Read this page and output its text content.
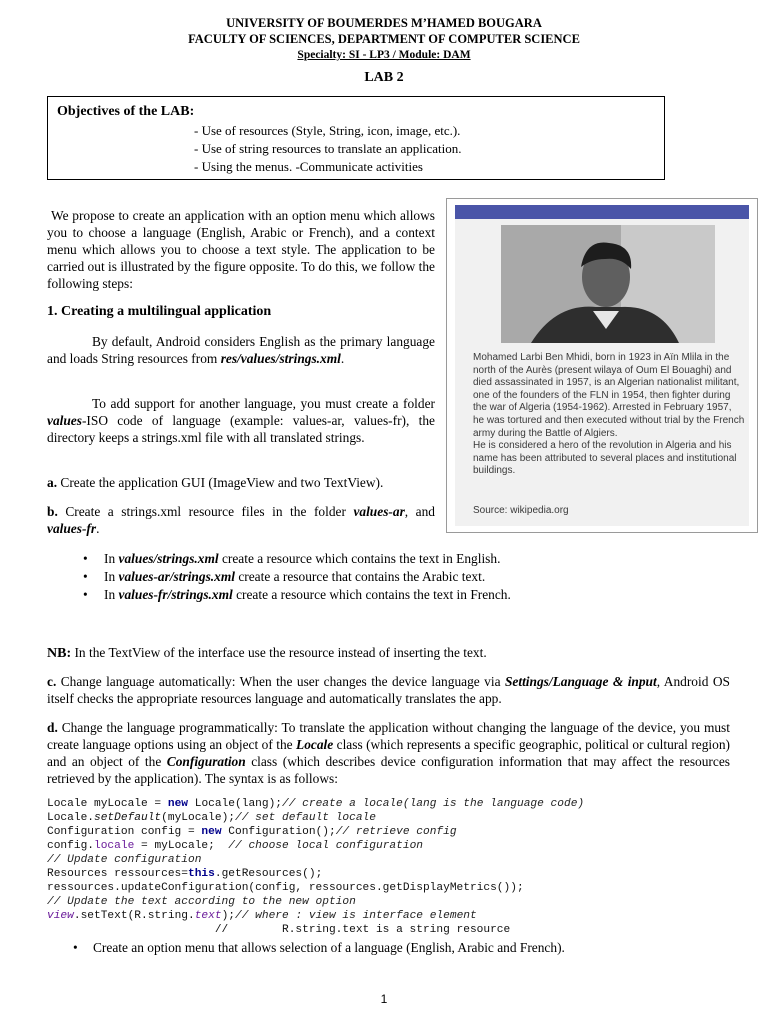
UNIVERSITY OF BOUMERDES M’HAMED BOUGARA
FACULTY OF SCIENCES, DEPARTMENT OF COMPUTER SCIENCE
Specialty: SI - LP3 / Module: DAM
LAB 2
Objectives of the LAB:
- Use of resources (Style, String, icon, image, etc.).
- Use of string resources to translate an application.
- Using the menus. -Communicate activities
We propose to create an application with an option menu which allows you to choose a language (English, Arabic or French), and a context menu which allows you to choose a text style. The application to be carried out is illustrated by the figure opposite. To do this, we follow the following steps:
1. Creating a multilingual application
By default, Android considers English as the primary language and loads String resources from res/values/strings.xml.
To add support for another language, you must create a folder values-ISO code of language (example: values-ar, values-fr), the directory keeps a strings.xml file with all translated strings.
a. Create the application GUI (ImageView and two TextView).
b. Create a strings.xml resource files in the folder values-ar, and values-fr.
Mohamed Larbi Ben Mhidi, born in 1923 in Aïn Mlila in the north of the Aurès (present wilaya of Oum El Bouaghi) and died assassinated in 1957, is an Algerian nationalist militant, one of the founders of the FLN in 1954, then fighter during the war of Algeria (1954-1962). Arrested in February 1957, he was tortured and then executed without trial by the French army during the Battle of Algiers.
He is considered a hero of the revolution in Algeria and his name has been attributed to several places and institutional buildings.
Source: wikipedia.org
• In values/strings.xml create a resource which contains the text in English.
• In values-ar/strings.xml create a resource that contains the Arabic text.
• In values-fr/strings.xml create a resource which contains the text in French.
NB: In the TextView of the interface use the resource instead of inserting the text.
c. Change language automatically: When the user changes the device language via Settings/Language & input, Android OS itself checks the appropriate resources language and automatically translates the app.
d. Change the language programmatically: To translate the application without changing the language of the device, you must create language options using an object of the Locale class (which represents a specific geographic, political or cultural region) and an object of the Configuration class (which describes device configuration information that may affect the resources retrieved by the application). The syntax is as follows:
Locale myLocale = new Locale(lang);// create a locale(lang is the language code)
Locale.setDefault(myLocale);// set default locale
Configuration config = new Configuration();// retrieve config
config.locale = myLocale;  // choose local configuration
// Update configuration
Resources ressources=this.getResources();
ressources.updateConfiguration(config, ressources.getDisplayMetrics());
// Update the text according to the new option
view.setText(R.string.text);// where : view is interface element
//        R.string.text is a string resource
• Create an option menu that allows selection of a language (English, Arabic and French).
1
